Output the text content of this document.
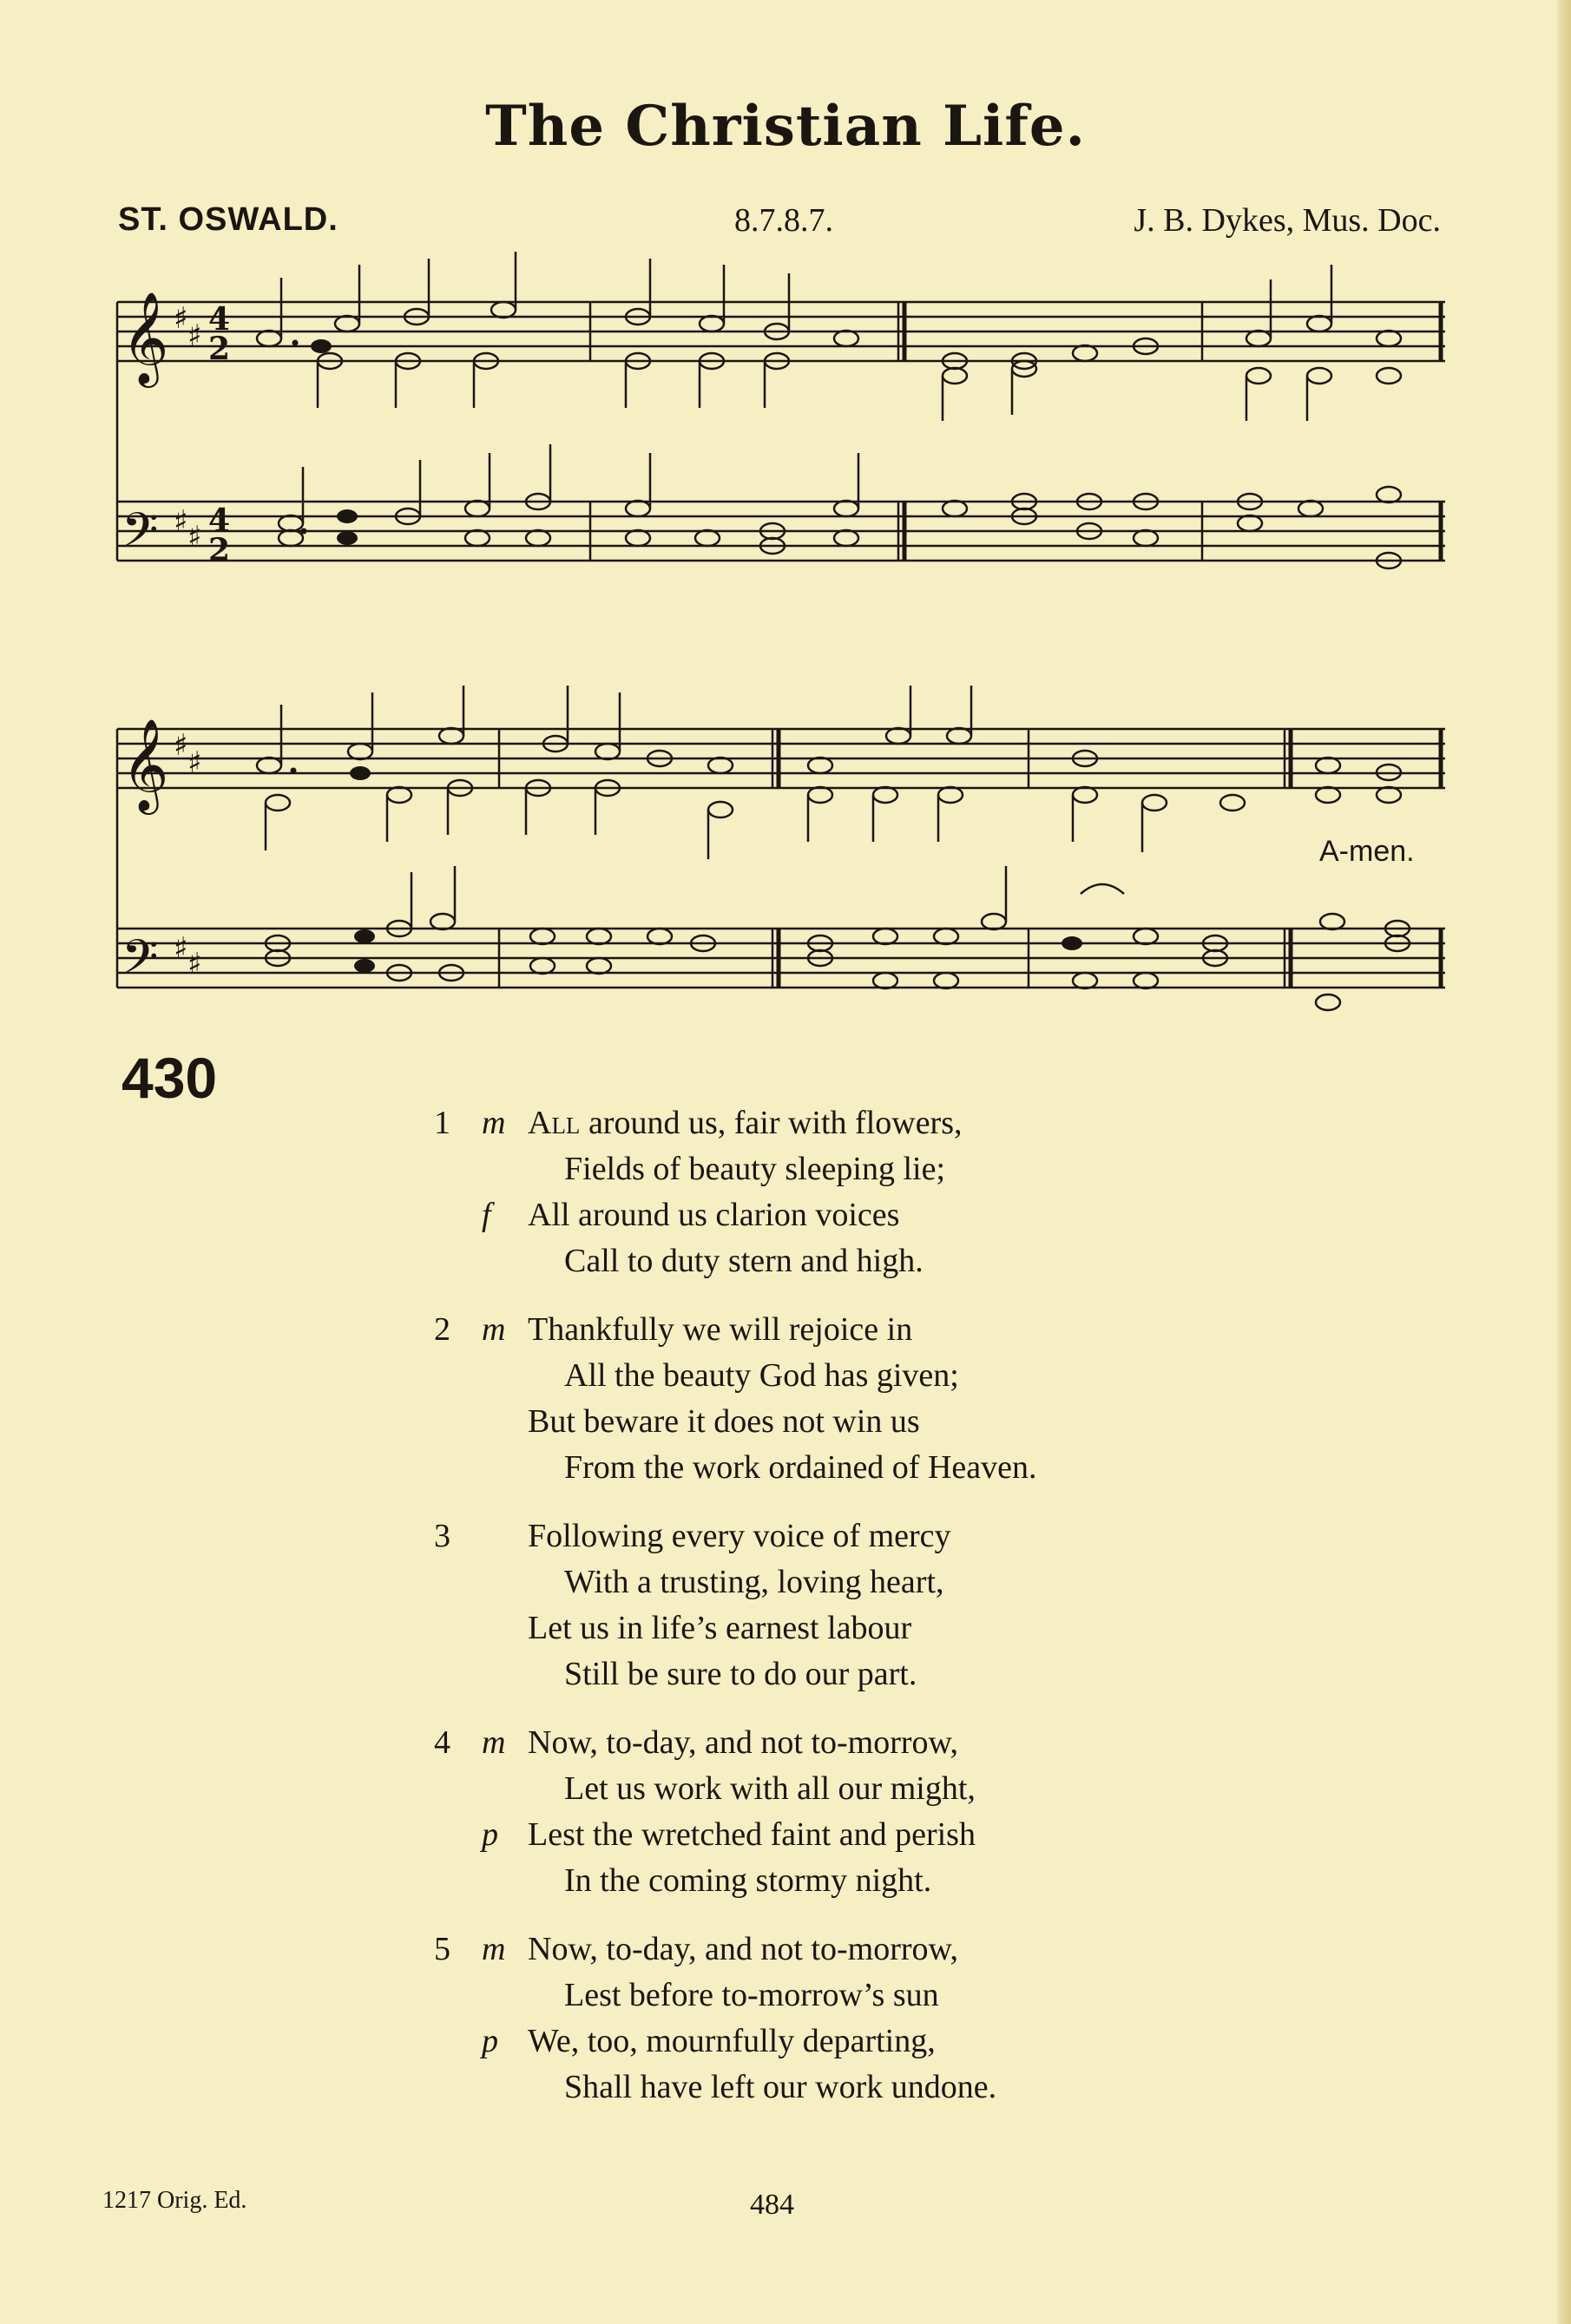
The Christian Life.
ST. OSWALD.	8.7.8.7.	J. B. Dykes, Mus. Doc.
𝄞
𝄢
𝄞
𝄢
♯ ♯
♯ ♯
♯ ♯
♯ ♯
4
2
4
2
A-men.
430
1 m All around us, fair with flowers,
Fields of beauty sleeping lie;
f All around us clarion voices
Call to duty stern and high.
2 m Thankfully we will rejoice in
All the beauty God has given;
But beware it does not win us
From the work ordained of Heaven.
3 Following every voice of mercy
With a trusting, loving heart,
Let us in life’s earnest labour
Still be sure to do our part.
4 m Now, to-day, and not to-morrow,
Let us work with all our might,
p Lest the wretched faint and perish
In the coming stormy night.
5 m Now, to-day, and not to-morrow,
Lest before to-morrow’s sun
p We, too, mournfully departing,
Shall have left our work undone.
1217 Orig. Ed.	484
